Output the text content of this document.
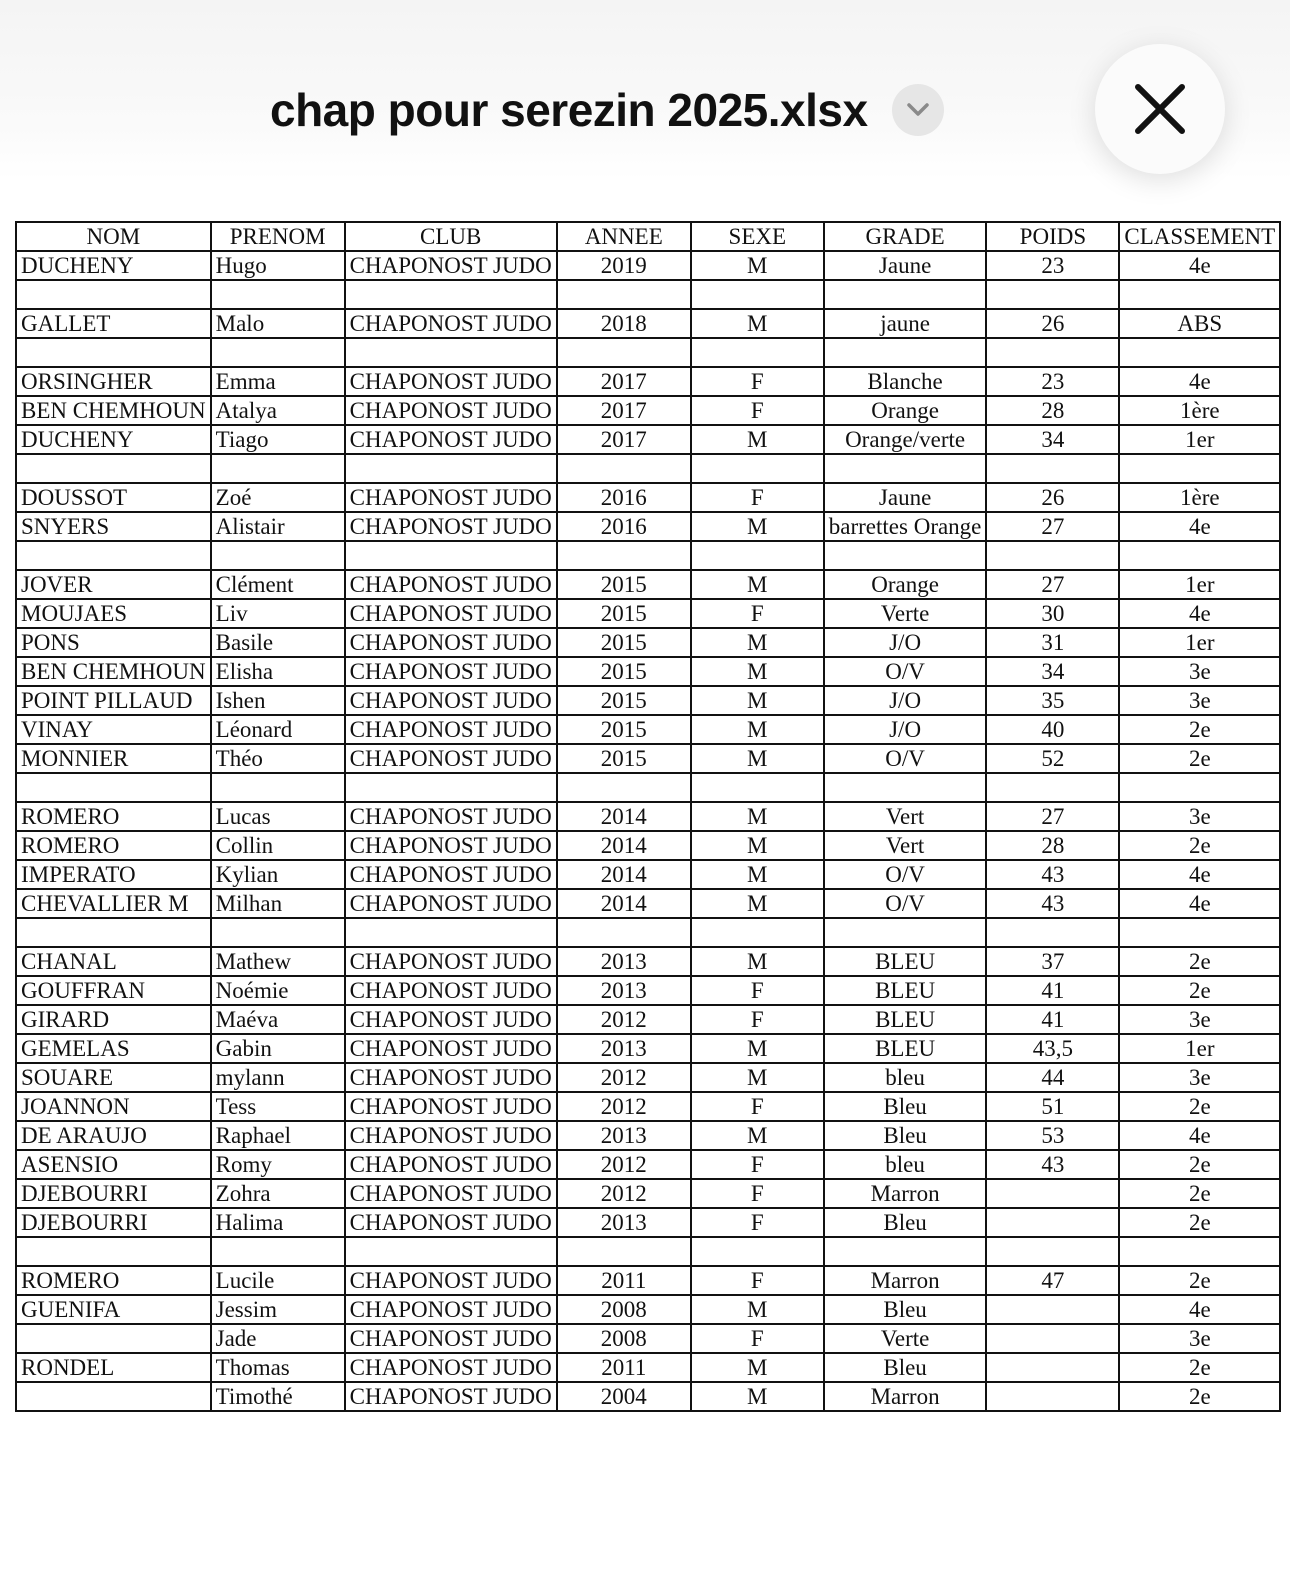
chap pour serezin 2025.xlsx
NOM	PRENOM	CLUB	ANNEE	SEXE	GRADE	POIDS	CLASSEMENT
DUCHENY	Hugo	CHAPONOST JUDO	2019	M	Jaune	23	4e

GALLET	Malo	CHAPONOST JUDO	2018	M	jaune	26	ABS

ORSINGHER	Emma	CHAPONOST JUDO	2017	F	Blanche	23	4e
BEN CHEMHOUN	Atalya	CHAPONOST JUDO	2017	F	Orange	28	1ère
DUCHENY	Tiago	CHAPONOST JUDO	2017	M	Orange/verte	34	1er

DOUSSOT	Zoé	CHAPONOST JUDO	2016	F	Jaune	26	1ère
SNYERS	Alistair	CHAPONOST JUDO	2016	M	barrettes Orange	27	4e

JOVER	Clément	CHAPONOST JUDO	2015	M	Orange	27	1er
MOUJAES	Liv	CHAPONOST JUDO	2015	F	Verte	30	4e
PONS	Basile	CHAPONOST JUDO	2015	M	J/O	31	1er
BEN CHEMHOUN	Elisha	CHAPONOST JUDO	2015	M	O/V	34	3e
POINT PILLAUD	Ishen	CHAPONOST JUDO	2015	M	J/O	35	3e
VINAY	Léonard	CHAPONOST JUDO	2015	M	J/O	40	2e
MONNIER	Théo	CHAPONOST JUDO	2015	M	O/V	52	2e

ROMERO	Lucas	CHAPONOST JUDO	2014	M	Vert	27	3e
ROMERO	Collin	CHAPONOST JUDO	2014	M	Vert	28	2e
IMPERATO	Kylian	CHAPONOST JUDO	2014	M	O/V	43	4e
CHEVALLIER M	Milhan	CHAPONOST JUDO	2014	M	O/V	43	4e

CHANAL	Mathew	CHAPONOST JUDO	2013	M	BLEU	37	2e
GOUFFRAN	Noémie	CHAPONOST JUDO	2013	F	BLEU	41	2e
GIRARD	Maéva	CHAPONOST JUDO	2012	F	BLEU	41	3e
GEMELAS	Gabin	CHAPONOST JUDO	2013	M	BLEU	43,5	1er
SOUARE	mylann	CHAPONOST JUDO	2012	M	bleu	44	3e
JOANNON	Tess	CHAPONOST JUDO	2012	F	Bleu	51	2e
DE ARAUJO	Raphael	CHAPONOST JUDO	2013	M	Bleu	53	4e
ASENSIO	Romy	CHAPONOST JUDO	2012	F	bleu	43	2e
DJEBOURRI	Zohra	CHAPONOST JUDO	2012	F	Marron		2e
DJEBOURRI	Halima	CHAPONOST JUDO	2013	F	Bleu		2e

ROMERO	Lucile	CHAPONOST JUDO	2011	F	Marron	47	2e
GUENIFA	Jessim	CHAPONOST JUDO	2008	M	Bleu		4e
	Jade	CHAPONOST JUDO	2008	F	Verte		3e
RONDEL	Thomas	CHAPONOST JUDO	2011	M	Bleu		2e
	Timothé	CHAPONOST JUDO	2004	M	Marron		2e
